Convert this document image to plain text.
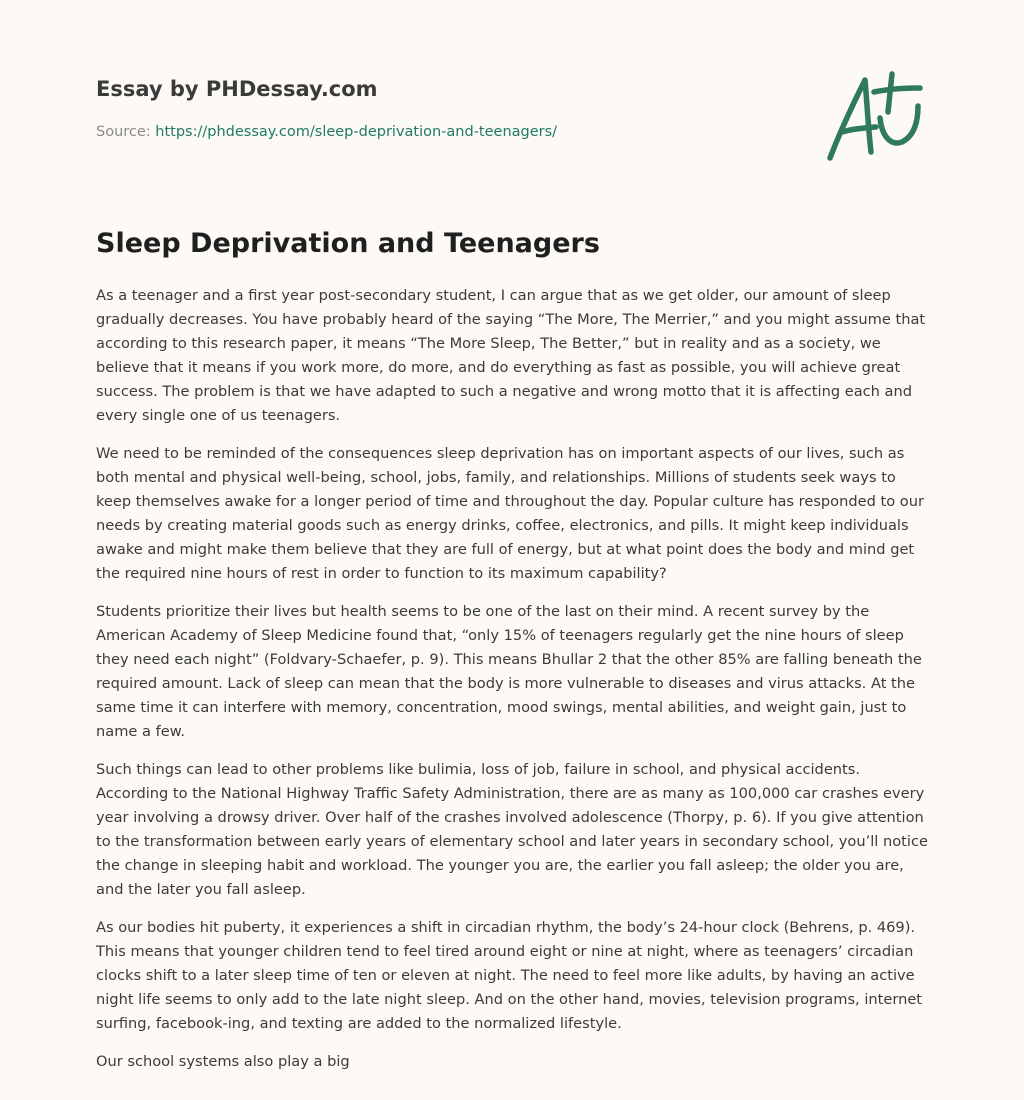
Essay by PHDessay.com
Source: https://phdessay.com/sleep-deprivation-and-teenagers/
Sleep Deprivation and Teenagers

As a teenager and a first year post-secondary student, I can argue that as we get older, our amount of sleep gradually decreases. You have probably heard of the saying “The More, The Merrier,” and you might assume that according to this research paper, it means “The More Sleep, The Better,” but in reality and as a society, we believe that it means if you work more, do more, and do everything as fast as possible, you will achieve great success. The problem is that we have adapted to such a negative and wrong motto that it is affecting each and every single one of us teenagers.

We need to be reminded of the consequences sleep deprivation has on important aspects of our lives, such as both mental and physical well-being, school, jobs, family, and relationships. Millions of students seek ways to keep themselves awake for a longer period of time and throughout the day. Popular culture has responded to our needs by creating material goods such as energy drinks, coffee, electronics, and pills. It might keep individuals awake and might make them believe that they are full of energy, but at what point does the body and mind get the required nine hours of rest in order to function to its maximum capability?

Students prioritize their lives but health seems to be one of the last on their mind. A recent survey by the American Academy of Sleep Medicine found that, “only 15% of teenagers regularly get the nine hours of sleep they need each night” (Foldvary-Schaefer, p. 9). This means Bhullar 2 that the other 85% are falling beneath the required amount. Lack of sleep can mean that the body is more vulnerable to diseases and virus attacks. At the same time it can interfere with memory, concentration, mood swings, mental abilities, and weight gain, just to name a few.

Such things can lead to other problems like bulimia, loss of job, failure in school, and physical accidents. According to the National Highway Traffic Safety Administration, there are as many as 100,000 car crashes every year involving a drowsy driver. Over half of the crashes involved adolescence (Thorpy, p. 6). If you give attention to the transformation between early years of elementary school and later years in secondary school, you’ll notice the change in sleeping habit and workload. The younger you are, the earlier you fall asleep; the older you are, and the later you fall asleep.

As our bodies hit puberty, it experiences a shift in circadian rhythm, the body’s 24-hour clock (Behrens, p. 469). This means that younger children tend to feel tired around eight or nine at night, where as teenagers’ circadian clocks shift to a later sleep time of ten or eleven at night. The need to feel more like adults, by having an active night life seems to only add to the late night sleep. And on the other hand, movies, television programs, internet surfing, facebook-ing, and texting are added to the normalized lifestyle.

Our school systems also play a big
